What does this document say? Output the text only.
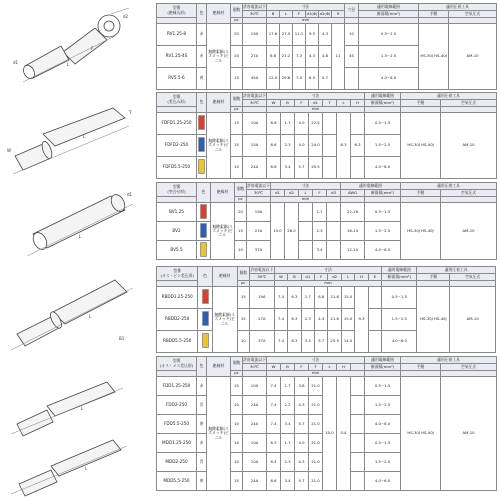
d2
L
F
d1
型番
(絶縁丸形)	色	絶縁材	個数	許容電流以下	寸法						穴径	適用電線範囲	適用圧着工具	
				30℃	B	L	F	d1(Φ)	d2(Φ)	H		断面積(mm²)	手動	空気圧式
			pc		mm									
RV1.25-8	赤	無酸素銅(スズメッキ)ビニル	20	19A	17.6	27.5	11.1	9.5	4.3	11	10	0.5~1.5	HS-30J HS-40J	AM-10
RV1.25-4S	赤		20	27A	6.6	21.2	7.3	4.3	4.8		4S	1.5~2.5		
RV5.5-6	黄		15	45A	12.0	29.6	7.0	6.5	5.7			4.0~6.0		
L
W
T
型番
(差込み形)	色	絶縁材	個数	許容電流以下	寸法							適用電線範囲	適用圧着工具	
				30℃	W	B	F	d1	T	L	H	断面積(mm²)	手動	空気圧式
			pc		mm									
FDFD1.25-250		無酸素銅(スズメッキ)ビニル	15	10A	6.6	1.7	4.0	22.5		8.3		0.5~1.5	HS-30J HS-40J	AM-10
FDFD2-250			15	15A	6.6	2.3	4.0	24.0			6.3	1.5~2.5		
FDFD5.5-250			10	24A	6.6	3.4	5.7	25.5				4.0~6.0		
L
d1
型番
(突合せ形)	色	絶縁材	個数	許容電流以下	寸法					適用電線範囲		適用圧着工具	
				30℃	d1	d2	L	F	d3	AWG	断面積(mm²)	手動	空気圧式
			pc		mm								
BV1.25		無酸素銅(スズメッキ)ビニル	20	19A	15.0	26.0		1.7		22-16	0.5~1.5	HS-30J HS-40J	AM-10
BV2			15	27A				2.3		16-14	1.5~2.5		
BV5.5			10	37A				3.4		12-10	4.0~6.0		
L
B1
型番
(オス・ピン差込形)	色	絶縁材	個数	許容電流以下	寸法								適用電線範囲	適用圧着工具	
				30℃	W	B	d1	F	d2	L	H	E	断面積(mm²)	手動	空気圧式
			pc		mm										
RBDD1.25-250		無酸素銅(スズメッキ)ビニル	15	19A	7.4	6.3	1.7	6.8	21.6	15.0	9.3		0.5~1.5	HS-30J HS-40J	AM-10
RBDD2-250			15	27A	7.4	6.3	2.3	4.3	21.6	15.0			1.5~2.5		
RBDD5.5-250			10	37A	7.4	6.3	3.4	5.7	25.5	14.0			4.0~6.0		
L
L
型番
(オス・メス差込形)	色	絶縁材	個数	許容電流以下	寸法							適用電線範囲	適用圧着工具	
				30℃	W	B	F	T	L	H		断面積(mm²)	手動	空気圧式
			pc		mm									
FDD1.25-250	赤	無酸素銅(スズメッキ)ビニル	15	10A	7.4	1.7	3.8	21.0	10.0	0.4		0.5~1.5	HS-30J HS-40J	AM-10
FDD2-250	青		10	24A	7.4	2.2	4.3	21.0				1.5~2.5		
FDD5.5-250	黄		10	24A	7.4	3.4	5.7	21.0				4.0~6.0		
MDD1.25-250	赤		10	10A	6.3	1.7	4.0	21.0				0.5~1.5		
MDD2-250	青		10	10A	6.4	2.3	4.3	21.0				1.5~2.5		
MDD5.5-250	黄		15	24A	6.6	3.4	5.7	21.0				4.0~6.0		
